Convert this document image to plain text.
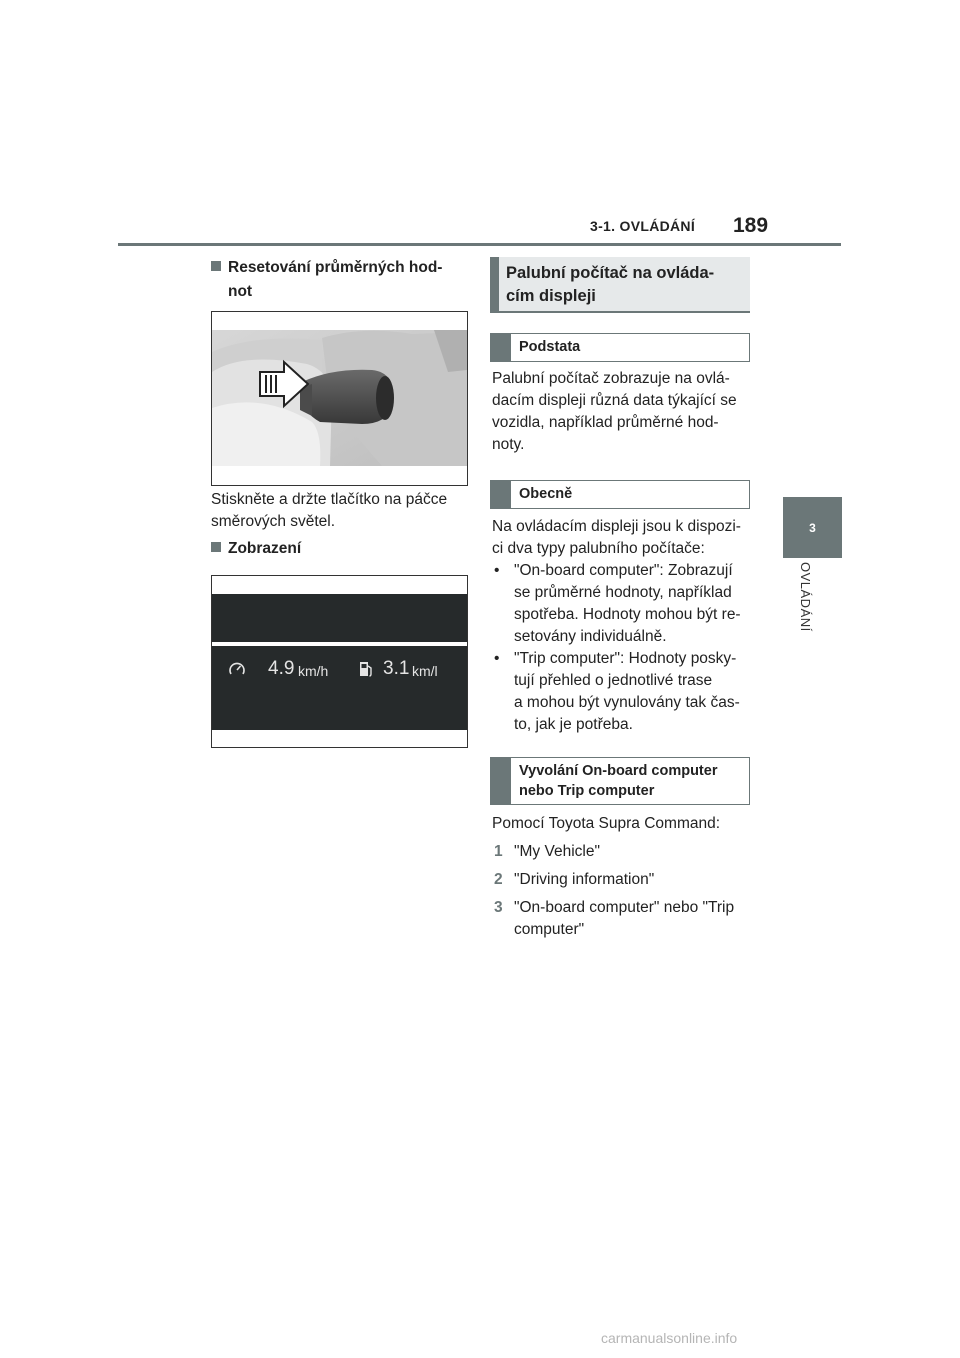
3-1. OVLÁDÁNÍ 189
3
OVLÁDÁNÍ
Resetování průměrných hod-
not
Stiskněte a držte tlačítko na páčce
směrových světel.
Zobrazení
4.9 km/h	3.1 km/l
Palubní počítač na ovláda-
cím displeji
Podstata
Palubní počítač zobrazuje na ovlá-
dacím displeji různá data týkající se
vozidla, například průměrné hod-
noty.
Obecně
Na ovládacím displeji jsou k dispozi-
ci dva typy palubního počítače:
• "On-board computer": Zobrazují
se průměrné hodnoty, například
spotřeba. Hodnoty mohou být re-
setovány individuálně.
• "Trip computer": Hodnoty posky-
tují přehled o jednotlivé trase
a mohou být vynulovány tak čas-
to, jak je potřeba.
Vyvolání On-board computer
nebo Trip computer
Pomocí Toyota Supra Command:
1 "My Vehicle"
2 "Driving information"
3 "On-board computer" nebo "Trip
computer"
carmanualsonline.info
